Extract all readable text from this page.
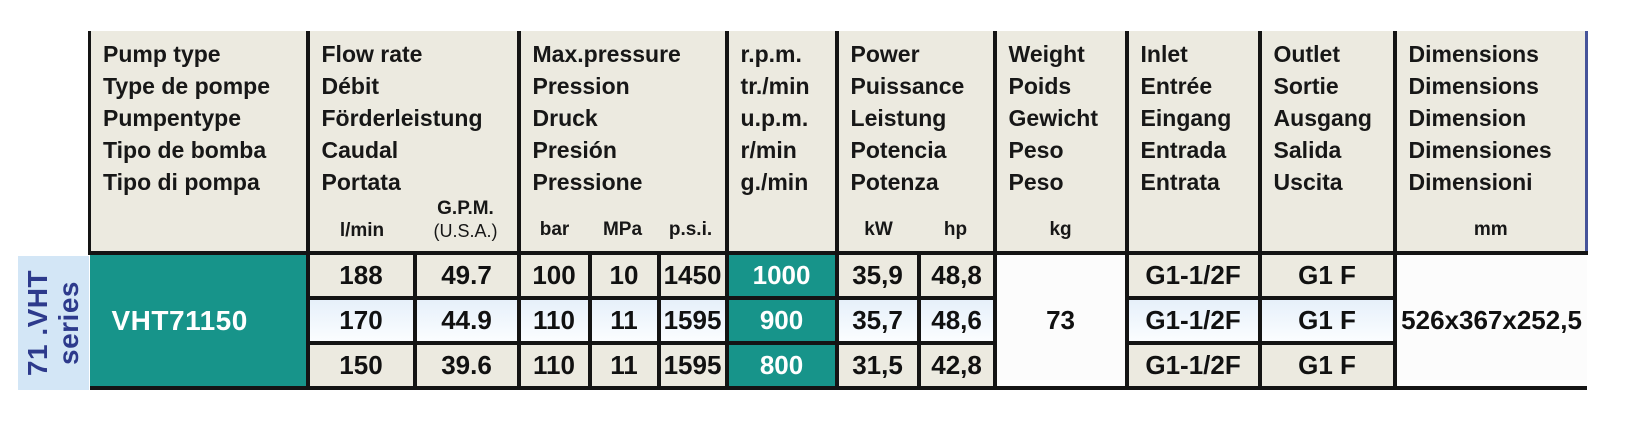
71 .VHT series
Pump type
Type de pompe
Pumpentype
Tipo de bomba
Tipo di pompa

Flow rate
Débit
Förderleistung
Caudal
Portata
l/min
G.P.M.
(U.S.A.)

Max.pressure
Pression
Druck
Presión
Pressione
bar	MPa	p.s.i.

r.p.m.
tr./min
u.p.m.
r/min
g./min

Power
Puissance
Leistung
Potencia
Potenza
kW	hp

Weight
Poids
Gewicht
Peso
Peso
kg

Inlet
Entrée
Eingang
Entrada
Entrata

Outlet
Sortie
Ausgang
Salida
Uscita

Dimensions
Dimensions
Dimension
Dimensiones
Dimensioni
mm

VHT71150	188	49.7	100	10	1450	1000	35,9	48,8	73	G1-1/2F	G1 F	526x367x252,5
	170	44.9	110	11	1595	900	35,7	48,6		G1-1/2F	G1 F	
	150	39.6	110	11	1595	800	31,5	42,8		G1-1/2F	G1 F	
